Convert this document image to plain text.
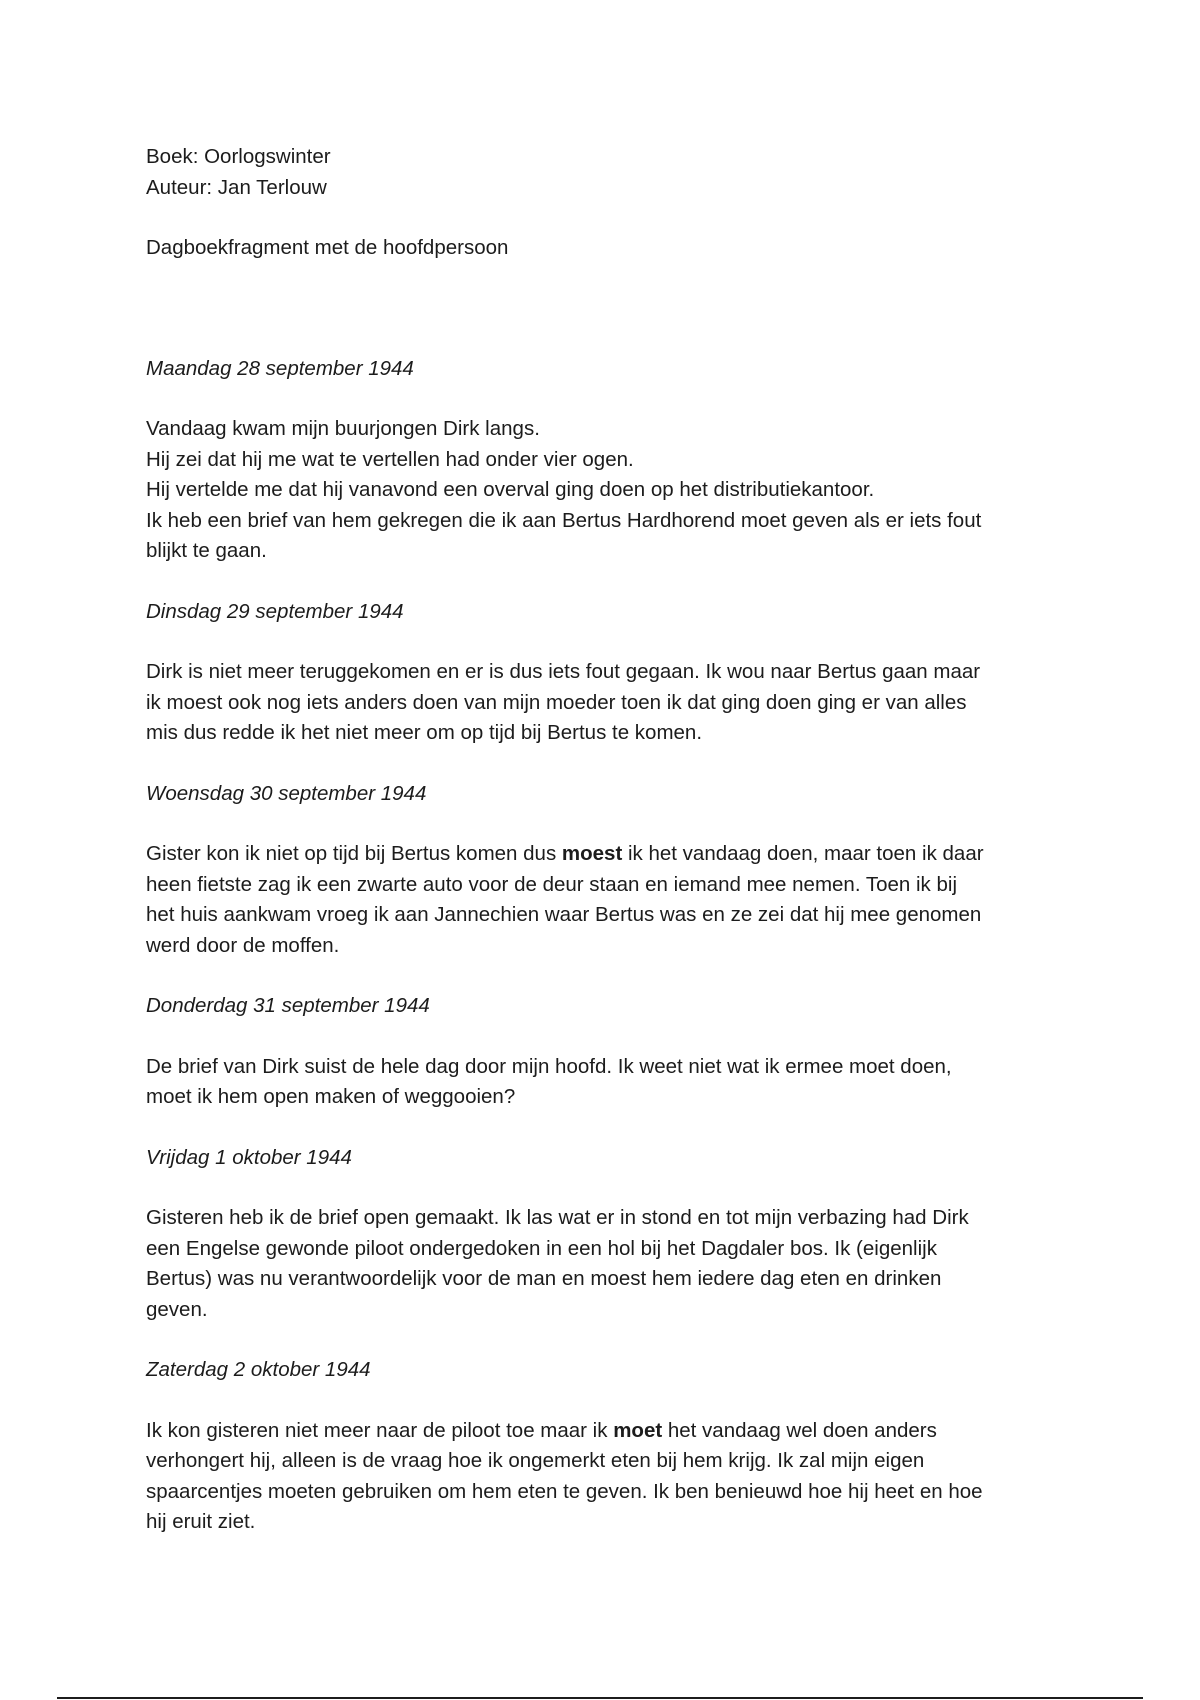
Boek: Oorlogswinter
Auteur: Jan Terlouw
Dagboekfragment met de hoofdpersoon
Maandag 28 september 1944
Vandaag kwam mijn buurjongen Dirk langs.
Hij zei dat hij me wat te vertellen had onder vier ogen.
Hij vertelde me dat hij vanavond een overval ging doen op het distributiekantoor.
Ik heb een brief van hem gekregen die ik aan Bertus Hardhorend moet geven als er iets fout
blijkt te gaan.
Dinsdag 29 september 1944
Dirk is niet meer teruggekomen en er is dus iets fout gegaan. Ik wou naar Bertus gaan maar
ik moest ook nog iets anders doen van mijn moeder toen ik dat ging doen ging er van alles
mis dus redde ik het niet meer om op tijd bij Bertus te komen.
Woensdag 30 september 1944
Gister kon ik niet op tijd bij Bertus komen dus moest ik het vandaag doen, maar toen ik daar
heen fietste zag ik een zwarte auto voor de deur staan en iemand mee nemen. Toen ik bij
het huis aankwam vroeg ik aan Jannechien waar Bertus was en ze zei dat hij mee genomen
werd door de moffen.
Donderdag 31 september 1944
De brief van Dirk suist de hele dag door mijn hoofd. Ik weet niet wat ik ermee moet doen,
moet ik hem open maken of weggooien?
Vrijdag 1 oktober 1944
Gisteren heb ik de brief open gemaakt. Ik las wat er in stond en tot mijn verbazing had Dirk
een Engelse gewonde piloot ondergedoken in een hol bij het Dagdaler bos. Ik (eigenlijk
Bertus) was nu verantwoordelijk voor de man en moest hem iedere dag eten en drinken
geven.
Zaterdag 2 oktober 1944
Ik kon gisteren niet meer naar de piloot toe maar ik moet het vandaag wel doen anders
verhongert hij, alleen is de vraag hoe ik ongemerkt eten bij hem krijg. Ik zal mijn eigen
spaarcentjes moeten gebruiken om hem eten te geven. Ik ben benieuwd hoe hij heet en hoe
hij eruit ziet.
